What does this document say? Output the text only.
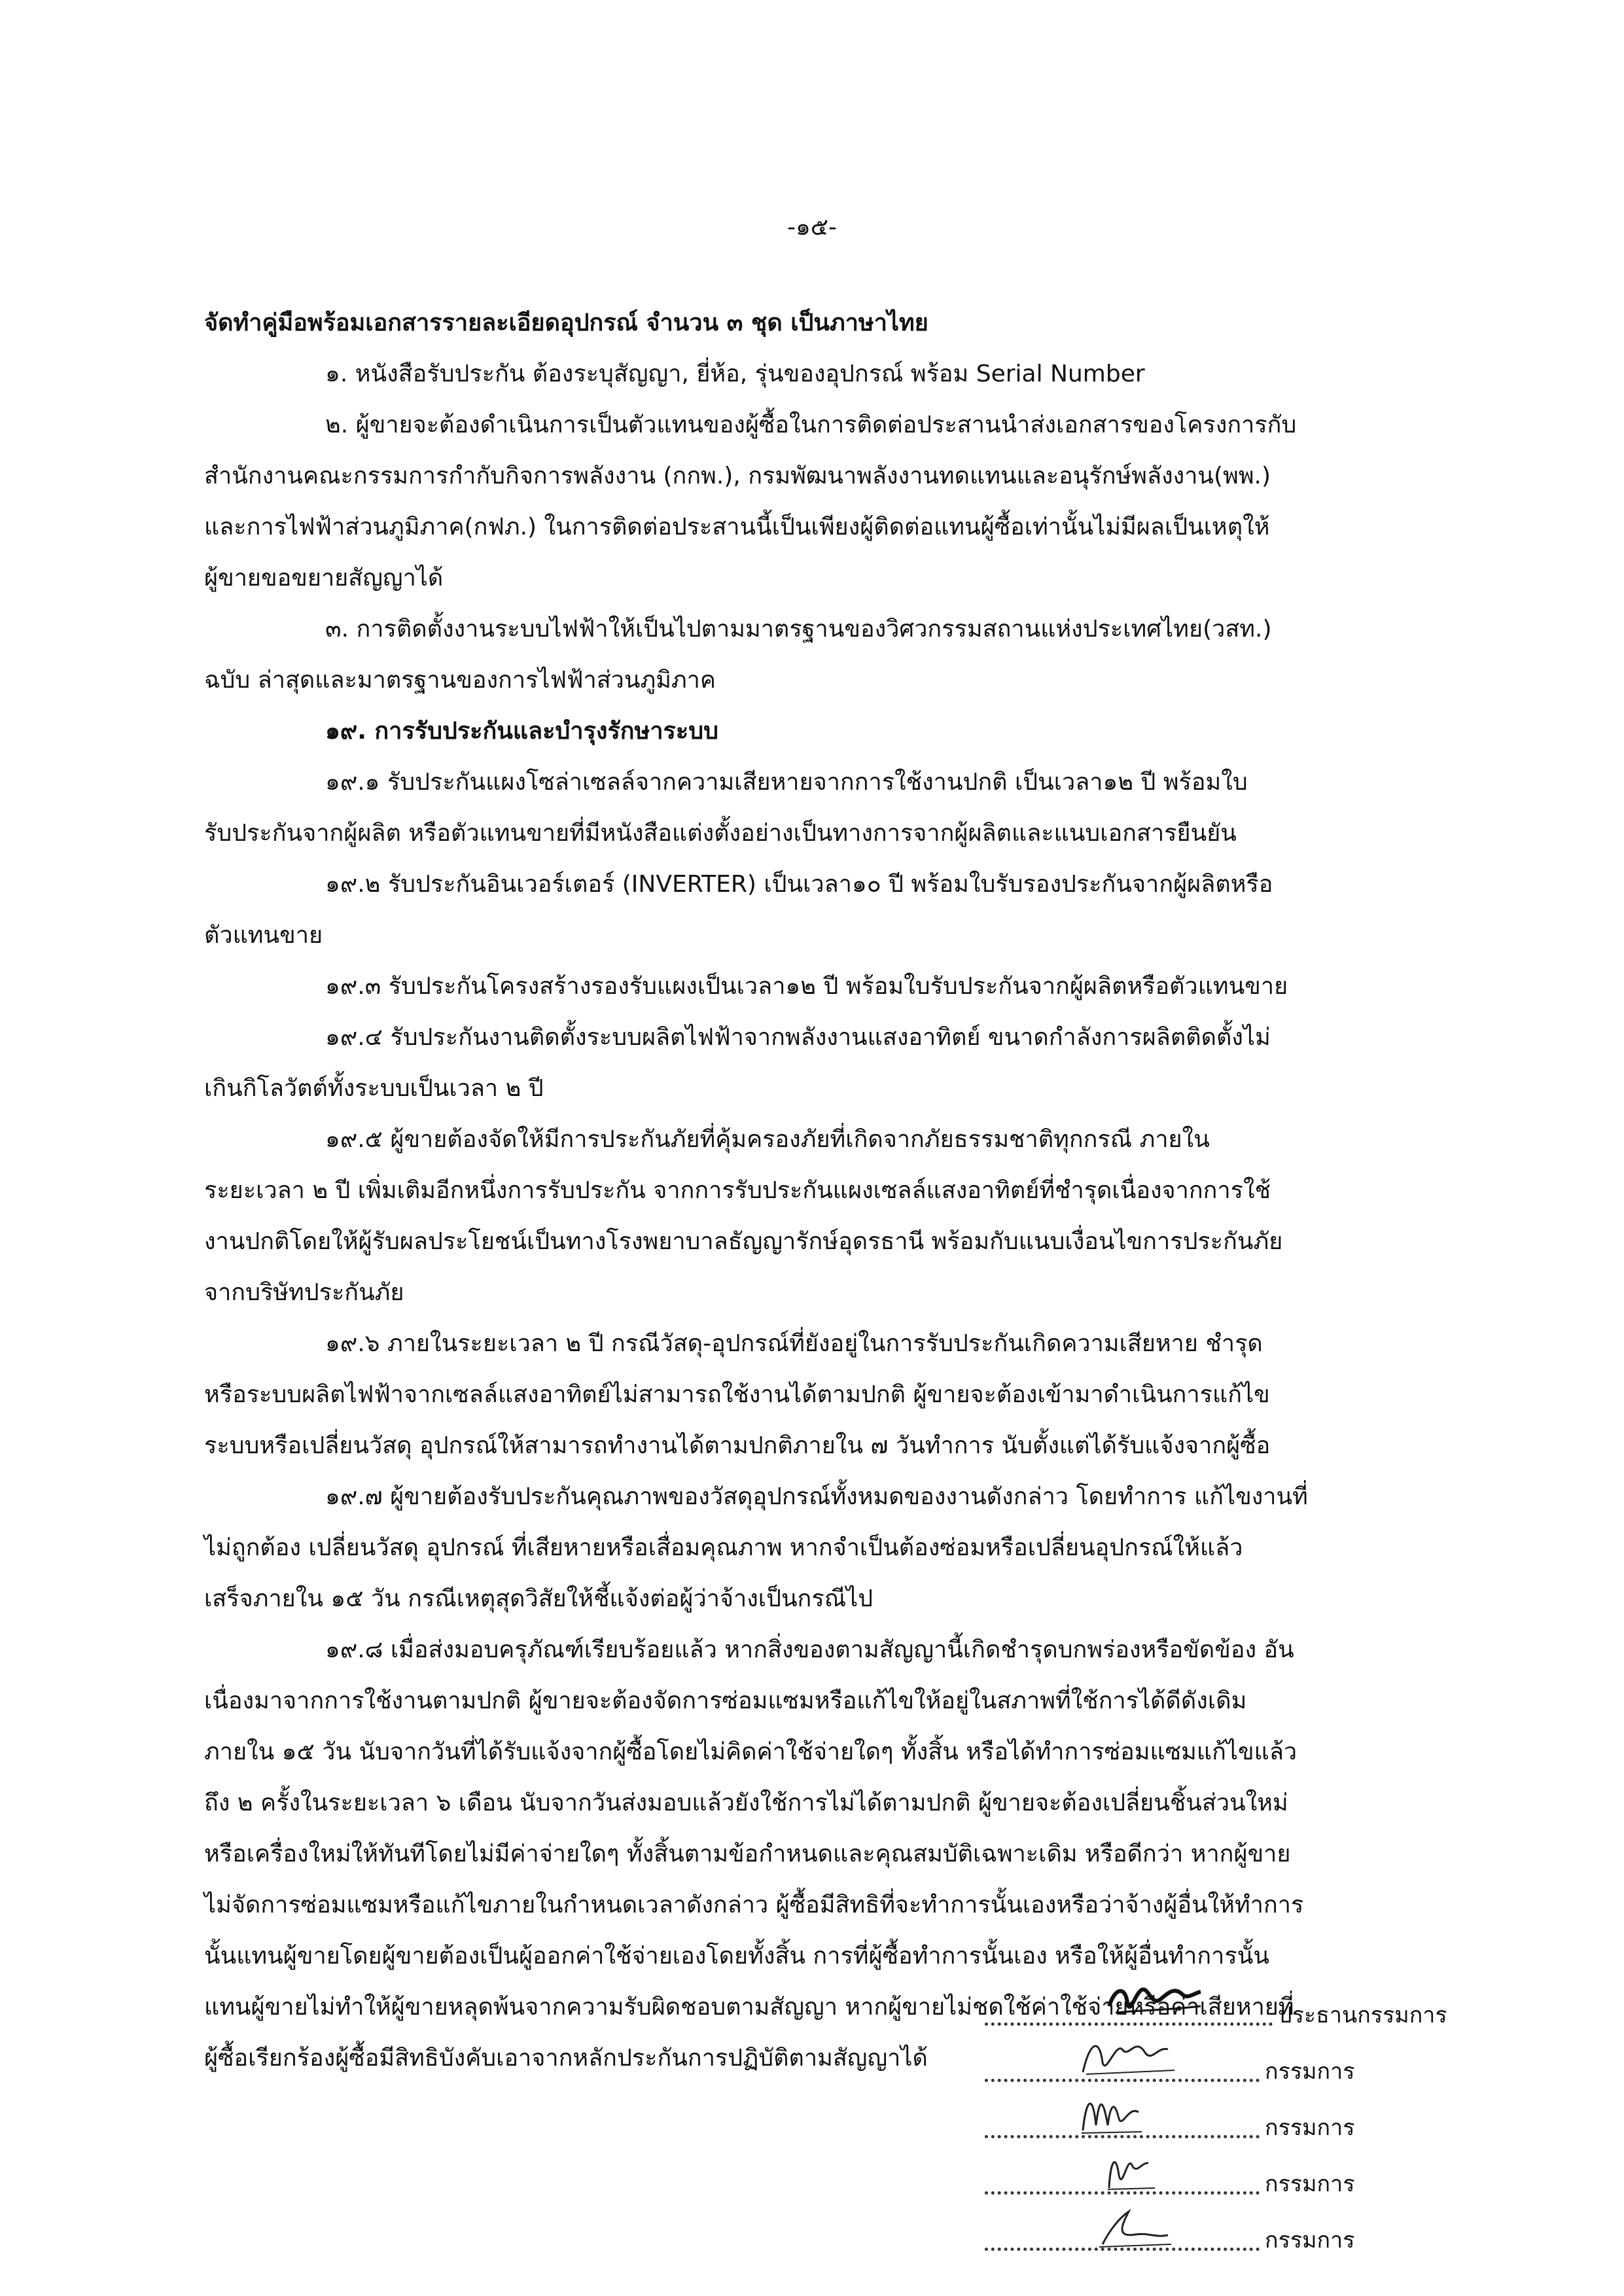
-๑๕-
จัดทำคู่มือพร้อมเอกสารรายละเอียดอุปกรณ์ จำนวน ๓ ชุด เป็นภาษาไทย
๑. หนังสือรับประกัน ต้องระบุสัญญา, ยี่ห้อ, รุ่นของอุปกรณ์ พร้อม Serial Number
๒. ผู้ขายจะต้องดำเนินการเป็นตัวแทนของผู้ซื้อในการติดต่อประสานนำส่งเอกสารของโครงการกับ
สำนักงานคณะกรรมการกำกับกิจการพลังงาน (กกพ.), กรมพัฒนาพลังงานทดแทนและอนุรักษ์พลังงาน(พพ.)
และการไฟฟ้าส่วนภูมิภาค(กฟภ.) ในการติดต่อประสานนี้เป็นเพียงผู้ติดต่อแทนผู้ซื้อเท่านั้นไม่มีผลเป็นเหตุให้
ผู้ขายขอขยายสัญญาได้
๓. การติดตั้งงานระบบไฟฟ้าให้เป็นไปตามมาตรฐานของวิศวกรรมสถานแห่งประเทศไทย(วสท.)
ฉบับ ล่าสุดและมาตรฐานของการไฟฟ้าส่วนภูมิภาค
๑๙. การรับประกันและบำรุงรักษาระบบ
๑๙.๑ รับประกันแผงโซล่าเซลล์จากความเสียหายจากการใช้งานปกติ เป็นเวลา๑๒ ปี พร้อมใบ
รับประกันจากผู้ผลิต หรือตัวแทนขายที่มีหนังสือแต่งตั้งอย่างเป็นทางการจากผู้ผลิตและแนบเอกสารยืนยัน
๑๙.๒ รับประกันอินเวอร์เตอร์ (INVERTER) เป็นเวลา๑๐ ปี พร้อมใบรับรองประกันจากผู้ผลิตหรือ
ตัวแทนขาย
๑๙.๓ รับประกันโครงสร้างรองรับแผงเป็นเวลา๑๒ ปี พร้อมใบรับประกันจากผู้ผลิตหรือตัวแทนขาย
๑๙.๔ รับประกันงานติดตั้งระบบผลิตไฟฟ้าจากพลังงานแสงอาทิตย์ ขนาดกำลังการผลิตติดตั้งไม่
เกินกิโลวัตต์ทั้งระบบเป็นเวลา ๒ ปี
๑๙.๕ ผู้ขายต้องจัดให้มีการประกันภัยที่คุ้มครองภัยที่เกิดจากภัยธรรมชาติทุกกรณี ภายใน
ระยะเวลา ๒ ปี เพิ่มเติมอีกหนึ่งการรับประกัน จากการรับประกันแผงเซลล์แสงอาทิตย์ที่ชำรุดเนื่องจากการใช้
งานปกติโดยให้ผู้รับผลประโยชน์เป็นทางโรงพยาบาลธัญญารักษ์อุดรธานี พร้อมกับแนบเงื่อนไขการประกันภัย
จากบริษัทประกันภัย
๑๙.๖ ภายในระยะเวลา ๒ ปี กรณีวัสดุ-อุปกรณ์ที่ยังอยู่ในการรับประกันเกิดความเสียหาย ชำรุด
หรือระบบผลิตไฟฟ้าจากเซลล์แสงอาทิตย์ไม่สามารถใช้งานได้ตามปกติ ผู้ขายจะต้องเข้ามาดำเนินการแก้ไข
ระบบหรือเปลี่ยนวัสดุ อุปกรณ์ให้สามารถทำงานได้ตามปกติภายใน ๗ วันทำการ นับตั้งแต่ได้รับแจ้งจากผู้ซื้อ
๑๙.๗ ผู้ขายต้องรับประกันคุณภาพของวัสดุอุปกรณ์ทั้งหมดของงานดังกล่าว โดยทำการ แก้ไขงานที่
ไม่ถูกต้อง เปลี่ยนวัสดุ อุปกรณ์ ที่เสียหายหรือเสื่อมคุณภาพ หากจำเป็นต้องซ่อมหรือเปลี่ยนอุปกรณ์ให้แล้ว
เสร็จภายใน ๑๕ วัน กรณีเหตุสุดวิสัยให้ชี้แจ้งต่อผู้ว่าจ้างเป็นกรณีไป
๑๙.๘ เมื่อส่งมอบครุภัณฑ์เรียบร้อยแล้ว หากสิ่งของตามสัญญานี้เกิดชำรุดบกพร่องหรือขัดข้อง อัน
เนื่องมาจากการใช้งานตามปกติ ผู้ขายจะต้องจัดการซ่อมแซมหรือแก้ไขให้อยู่ในสภาพที่ใช้การได้ดีดังเดิม
ภายใน ๑๕ วัน นับจากวันที่ได้รับแจ้งจากผู้ซื้อโดยไม่คิดค่าใช้จ่ายใดๆ ทั้งสิ้น หรือได้ทำการซ่อมแซมแก้ไขแล้ว
ถึง ๒ ครั้งในระยะเวลา ๖ เดือน นับจากวันส่งมอบแล้วยังใช้การไม่ได้ตามปกติ ผู้ขายจะต้องเปลี่ยนชิ้นส่วนใหม่
หรือเครื่องใหม่ให้ทันทีโดยไม่มีค่าจ่ายใดๆ ทั้งสิ้นตามข้อกำหนดและคุณสมบัติเฉพาะเดิม หรือดีกว่า หากผู้ขาย
ไม่จัดการซ่อมแซมหรือแก้ไขภายในกำหนดเวลาดังกล่าว ผู้ซื้อมีสิทธิที่จะทำการนั้นเองหรือว่าจ้างผู้อื่นให้ทำการ
นั้นแทนผู้ขายโดยผู้ขายต้องเป็นผู้ออกค่าใช้จ่ายเองโดยทั้งสิ้น การที่ผู้ซื้อทำการนั้นเอง หรือให้ผู้อื่นทำการนั้น
แทนผู้ขายไม่ทำให้ผู้ขายหลุดพ้นจากความรับผิดชอบตามสัญญา หากผู้ขายไม่ชดใช้ค่าใช้จ่ายหรือค่าเสียหายที่
ผู้ซื้อเรียกร้องผู้ซื้อมีสิทธิบังคับเอาจากหลักประกันการปฏิบัติตามสัญญาได้
ประธานกรรมการ
กรรมการ
กรรมการ
กรรมการ
กรรมการ
